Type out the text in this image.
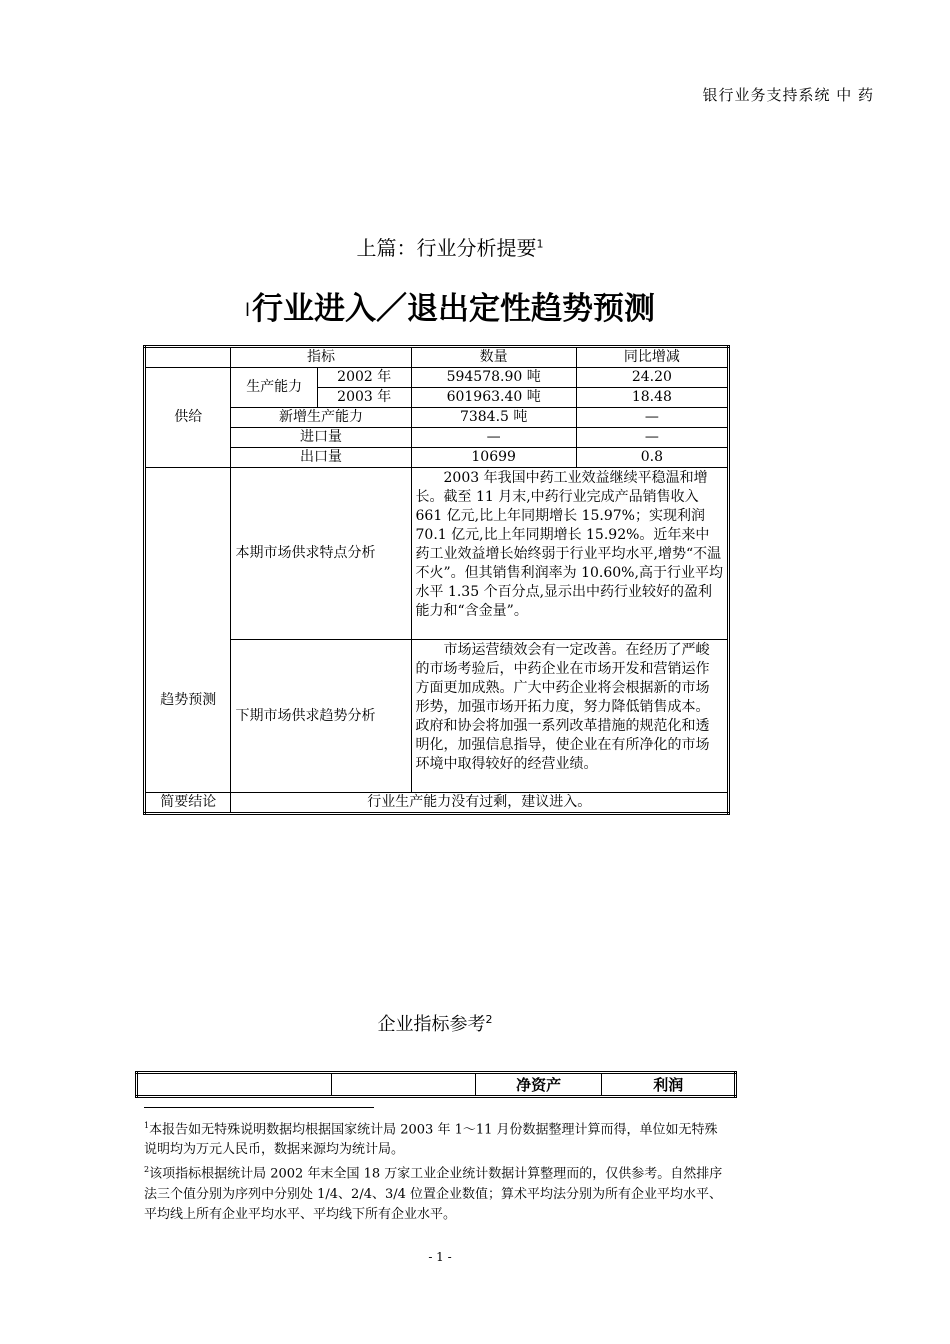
银行业务支持系统 中 药
上篇：行业分析提要$^1$
l行业进入／退出定性趋势预测
	指标		数量	同比增减
供给	生产能力	2002 年	594578.90 吨	24.20
		2003 年	601963.40 吨	18.48
	新增生产能力		7384.5 吨	—
	进口量		—	—
	出口量		10699	0.8
趋势预测	本期市场供求特点分析		2003 年我国中药工业效益继续平稳温和增长。截至 11 月末,中药行业完成产品销售收入 661 亿元,比上年同期增长 15.97%；实现利润 70.1 亿元,比上年同期增长 15.92%。近年来中药工业效益增长始终弱于行业平均水平,增势“不温不火”。但其销售利润率为 10.60%,高于行业平均水平 1.35 个百分点,显示出中药行业较好的盈利能力和“含金量”。	
	下期市场供求趋势分析		市场运营绩效会有一定改善。在经历了严峻的市场考验后，中药企业在市场开发和营销运作方面更加成熟。广大中药企业将会根据新的市场形势，加强市场开拓力度，努力降低销售成本。政府和协会将加强一系列改革措施的规范化和透明化，加强信息指导，使企业在有所净化的市场环境中取得较好的经营业绩。	
简要结论	行业生产能力没有过剩，建议进入。			
企业指标参考$^2$
		净资产	利润

$^1$本报告如无特殊说明数据均根据国家统计局 2003 年 1～11 月份数据整理计算而得，单位如无特殊说明均为万元人民币，数据来源均为统计局。

$^2$该项指标根据统计局 2002 年末全国 18 万家工业企业统计数据计算整理而的，仅供参考。自然排序法三个值分别为序列中分别处 1/4、2/4、3/4 位置企业数值；算术平均法分别为所有企业平均水平、平均线上所有企业平均水平、平均线下所有企业水平。

- 1 -
